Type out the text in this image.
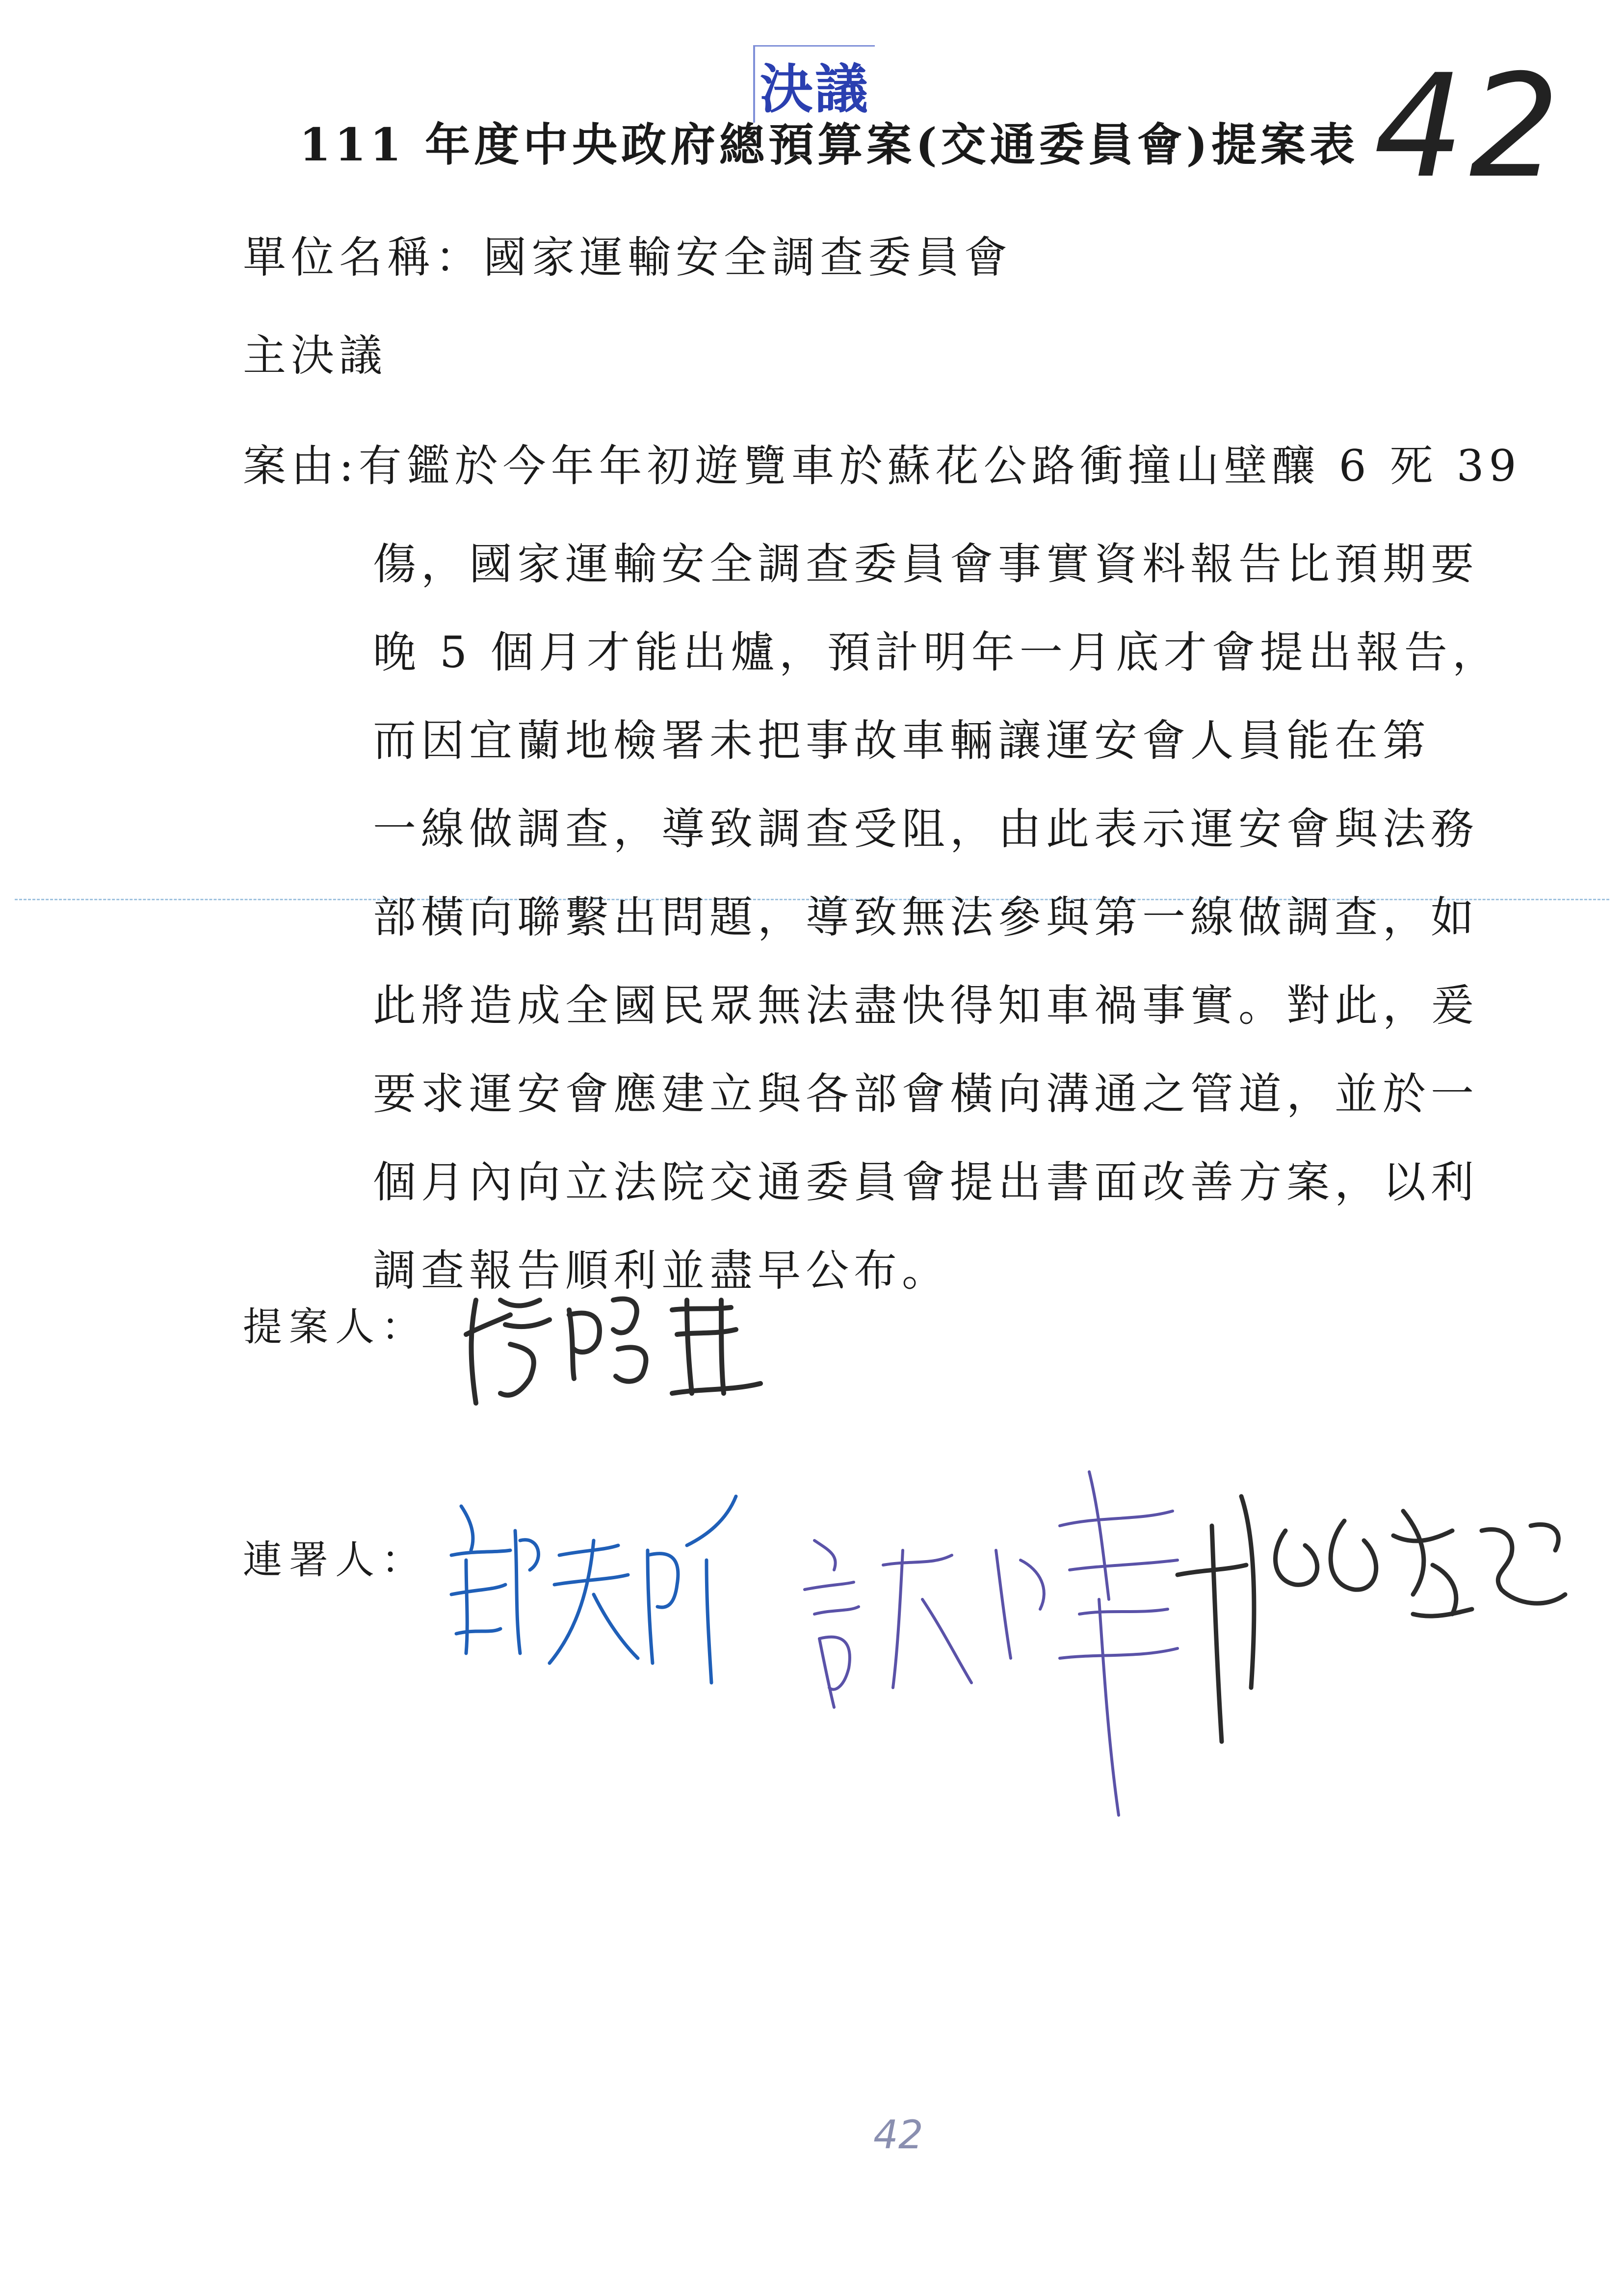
決議
111 年度中央政府總預算案(交通委員會)提案表 42
單位名稱：國家運輸安全調查委員會
主決議
案由:有鑑於今年年初遊覽車於蘇花公路衝撞山壁釀 6 死 39
傷，國家運輸安全調查委員會事實資料報告比預期要
晚 5 個月才能出爐，預計明年一月底才會提出報告，
而因宜蘭地檢署未把事故車輛讓運安會人員能在第
一線做調查，導致調查受阻，由此表示運安會與法務
部橫向聯繫出問題，導致無法參與第一線做調查，如
此將造成全國民眾無法盡快得知車禍事實。對此，爰
要求運安會應建立與各部會橫向溝通之管道，並於一
個月內向立法院交通委員會提出書面改善方案，以利
調查報告順利並盡早公布。
提案人：
連署人：
42
